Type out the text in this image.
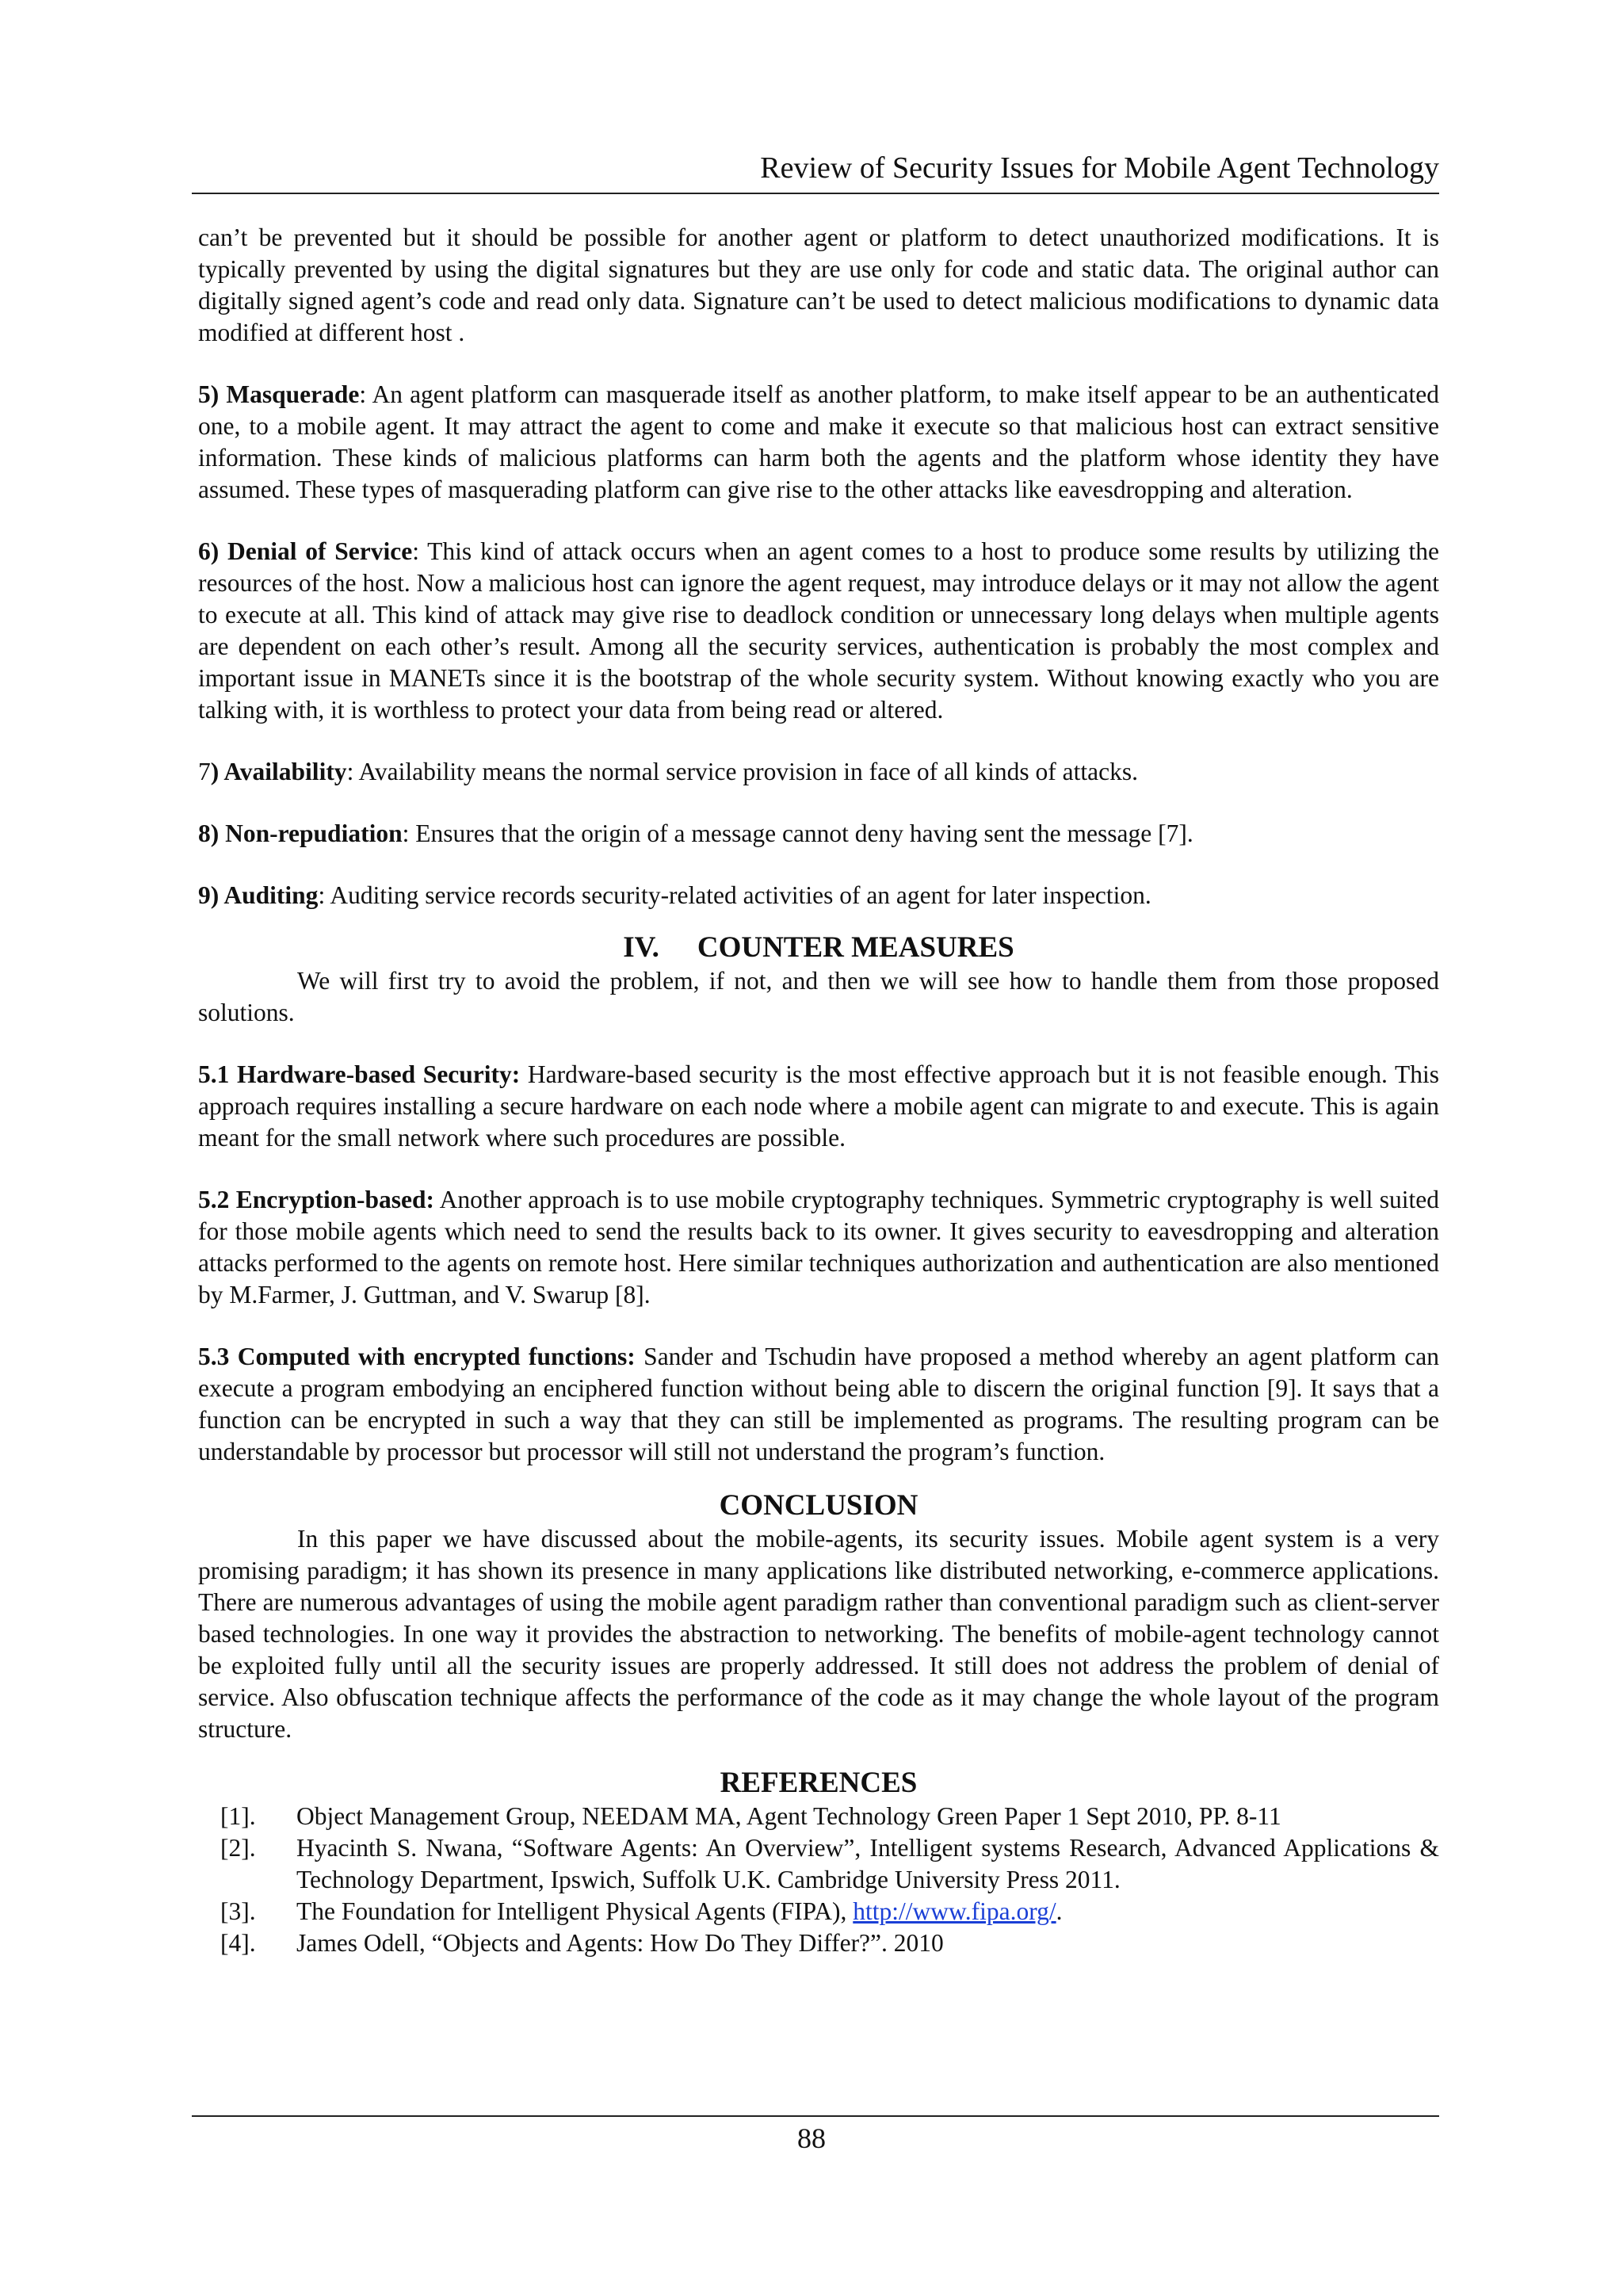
Review of Security Issues for Mobile Agent Technology

can’t be prevented but it should be possible for another agent or platform to detect unauthorized modifications. It is typically prevented by using the digital signatures but they are use only for code and static data. The original author can digitally signed agent’s code and read only data. Signature can’t be used to detect malicious modifications to dynamic data modified at different host .

5) Masquerade: An agent platform can masquerade itself as another platform, to make itself appear to be an authenticated one, to a mobile agent. It may attract the agent to come and make it execute so that malicious host can extract sensitive information. These kinds of malicious platforms can harm both the agents and the platform whose identity they have assumed. These types of masquerading platform can give rise to the other attacks like eavesdropping and alteration.

6) Denial of Service: This kind of attack occurs when an agent comes to a host to produce some results by utilizing the resources of the host. Now a malicious host can ignore the agent request, may introduce delays or it may not allow the agent to execute at all. This kind of attack may give rise to deadlock condition or unnecessary long delays when multiple agents are dependent on each other’s result. Among all the security services, authentication is probably the most complex and important issue in MANETs since it is the bootstrap of the whole security system. Without knowing exactly who you are talking with, it is worthless to protect your data from being read or altered.

7) Availability: Availability means the normal service provision in face of all kinds of attacks.

8) Non-repudiation: Ensures that the origin of a message cannot deny having sent the message [7].

9) Auditing: Auditing service records security-related activities of an agent for later inspection.

IV. COUNTER MEASURES

We will first try to avoid the problem, if not, and then we will see how to handle them from those proposed solutions.

5.1 Hardware-based Security: Hardware-based security is the most effective approach but it is not feasible enough. This approach requires installing a secure hardware on each node where a mobile agent can migrate to and execute. This is again meant for the small network where such procedures are possible.

5.2 Encryption-based: Another approach is to use mobile cryptography techniques. Symmetric cryptography is well suited for those mobile agents which need to send the results back to its owner. It gives security to eavesdropping and alteration attacks performed to the agents on remote host. Here similar techniques authorization and authentication are also mentioned by M.Farmer, J. Guttman, and V. Swarup [8].

5.3 Computed with encrypted functions: Sander and Tschudin have proposed a method whereby an agent platform can execute a program embodying an enciphered function without being able to discern the original function [9]. It says that a function can be encrypted in such a way that they can still be implemented as programs. The resulting program can be understandable by processor but processor will still not understand the program’s function.

CONCLUSION

In this paper we have discussed about the mobile-agents, its security issues. Mobile agent system is a very promising paradigm; it has shown its presence in many applications like distributed networking, e-commerce applications. There are numerous advantages of using the mobile agent paradigm rather than conventional paradigm such as client-server based technologies. In one way it provides the abstraction to networking. The benefits of mobile-agent technology cannot be exploited fully until all the security issues are properly addressed. It still does not address the problem of denial of service. Also obfuscation technique affects the performance of the code as it may change the whole layout of the program structure.

REFERENCES
[1].	Object Management Group, NEEDAM MA, Agent Technology Green Paper 1 Sept 2010, PP. 8-11
[2].	Hyacinth S. Nwana, “Software Agents: An Overview”, Intelligent systems Research, Advanced Applications & Technology Department, Ipswich, Suffolk U.K. Cambridge University Press 2011.
[3].	The Foundation for Intelligent Physical Agents (FIPA), http://www.fipa.org/.
[4].	James Odell, “Objects and Agents: How Do They Differ?”. 2010
88
